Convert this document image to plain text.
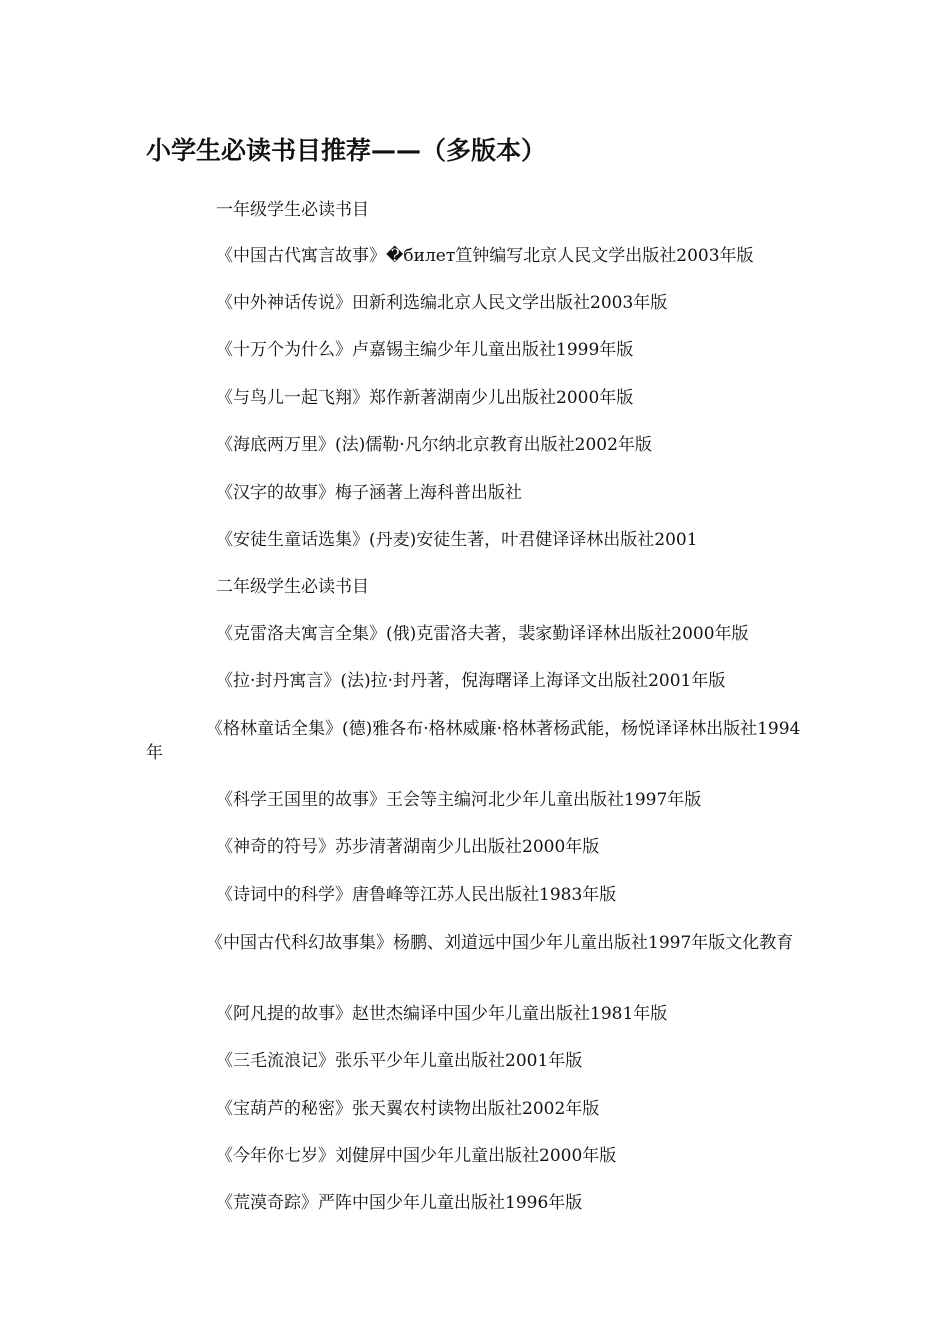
小学生必读书目推荐——（多版本）

一年级学生必读书目

《中国古代寓言故事》�билет笪钟编写北京人民文学出版社2003年版

《中外神话传说》田新利选编北京人民文学出版社2003年版

《十万个为什么》卢嘉锡主编少年儿童出版社1999年版

《与鸟儿一起飞翔》郑作新著湖南少儿出版社2000年版

《海底两万里》(法)儒勒·凡尔纳北京教育出版社2002年版

《汉字的故事》梅子涵著上海科普出版社

《安徒生童话选集》(丹麦)安徒生著，叶君健译译林出版社2001

二年级学生必读书目

《克雷洛夫寓言全集》(俄)克雷洛夫著，裴家勤译译林出版社2000年版

《拉·封丹寓言》(法)拉·封丹著，倪海曙译上海译文出版社2001年版

《格林童话全集》(德)雅各布·格林威廉·格林著杨武能，杨悦译译林出版社1994年

《科学王国里的故事》王会等主编河北少年儿童出版社1997年版

《神奇的符号》苏步清著湖南少儿出版社2000年版

《诗词中的科学》唐鲁峰等江苏人民出版社1983年版

《中国古代科幻故事集》杨鹏、刘道远中国少年儿童出版社1997年版文化教育

《阿凡提的故事》赵世杰编译中国少年儿童出版社1981年版

《三毛流浪记》张乐平少年儿童出版社2001年版

《宝葫芦的秘密》张天翼农村读物出版社2002年版

《今年你七岁》刘健屏中国少年儿童出版社2000年版

《荒漠奇踪》严阵中国少年儿童出版社1996年版
